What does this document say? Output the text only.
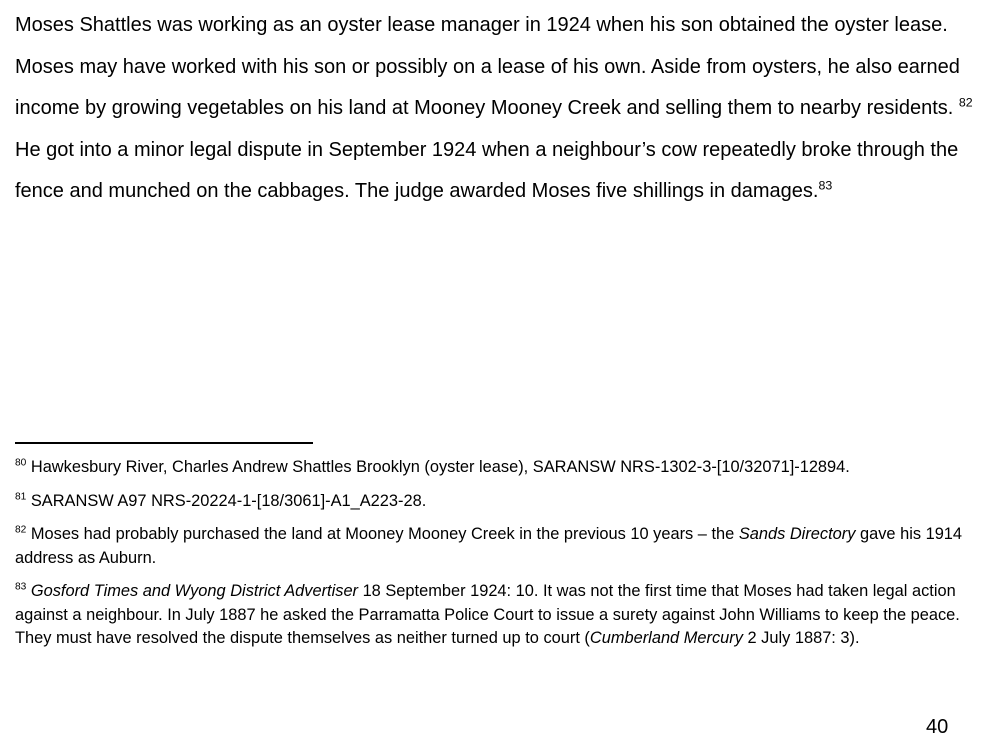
Moses Shattles was working as an oyster lease manager in 1924 when his son obtained the oyster lease. Moses may have worked with his son or possibly on a lease of his own. Aside from oysters, he also earned income by growing vegetables on his land at Mooney Mooney Creek and selling them to nearby residents. $^{82}$ He got into a minor legal dispute in September 1924 when a neighbour’s cow repeatedly broke through the fence and munched on the cabbages. The judge awarded Moses five shillings in damages.$^{83}$

$^{80}$ Hawkesbury River, Charles Andrew Shattles Brooklyn (oyster lease), SARANSW NRS-1302-3-[10/32071]-12894.

$^{81}$ SARANSW A97 NRS-20224-1-[18/3061]-A1_A223-28.

$^{82}$ Moses had probably purchased the land at Mooney Mooney Creek in the previous 10 years – the Sands Directory gave his 1914 address as Auburn.

$^{83}$ Gosford Times and Wyong District Advertiser 18 September 1924: 10. It was not the first time that Moses had taken legal action against a neighbour. In July 1887 he asked the Parramatta Police Court to issue a surety against John Williams to keep the peace. They must have resolved the dispute themselves as neither turned up to court (Cumberland Mercury 2 July 1887: 3).

40
